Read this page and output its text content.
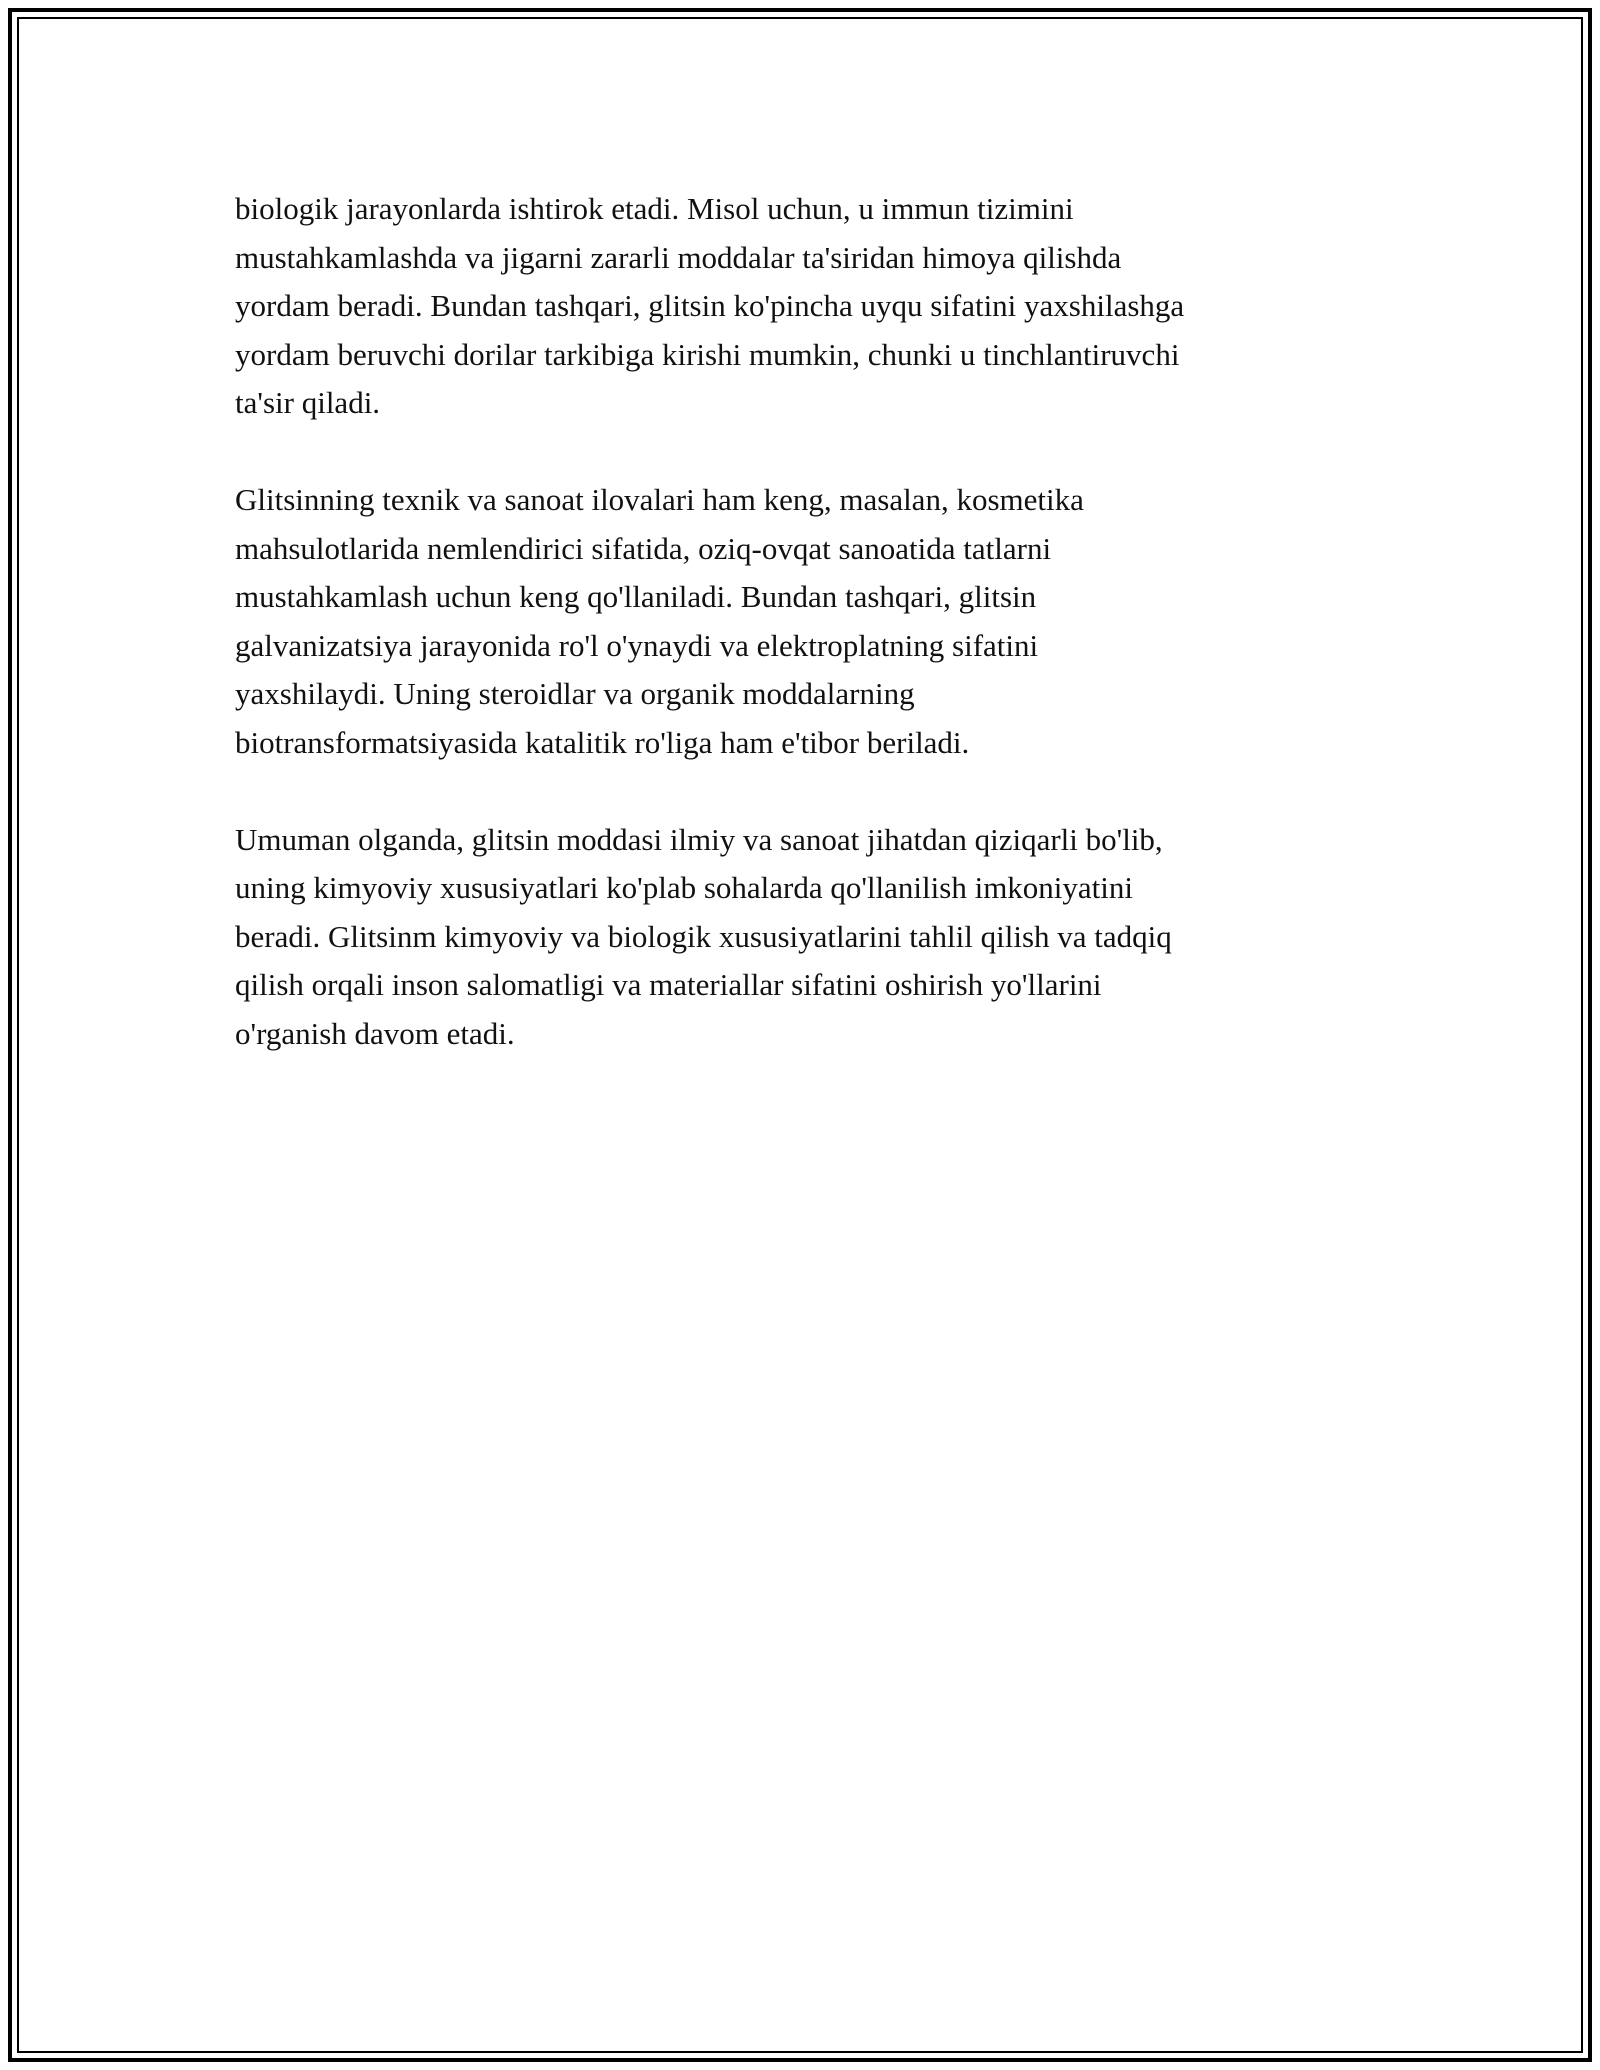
biologik jarayonlarda ishtirok etadi. Misol uchun, u immun tizimini
mustahkamlashda va jigarni zararli moddalar ta'siridan himoya qilishda
yordam beradi. Bundan tashqari, glitsin ko'pincha uyqu sifatini yaxshilashga
yordam beruvchi dorilar tarkibiga kirishi mumkin, chunki u tinchlantiruvchi
ta'sir qiladi.

Glitsinning texnik va sanoat ilovalari ham keng, masalan, kosmetika
mahsulotlarida nemlendirici sifatida, oziq-ovqat sanoatida tatlarni
mustahkamlash uchun keng qo'llaniladi. Bundan tashqari, glitsin
galvanizatsiya jarayonida ro'l o'ynaydi va elektroplatning sifatini
yaxshilaydi. Uning steroidlar va organik moddalarning
biotransformatsiyasida katalitik ro'liga ham e'tibor beriladi.

Umuman olganda, glitsin moddasi ilmiy va sanoat jihatdan qiziqarli bo'lib,
uning kimyoviy xususiyatlari ko'plab sohalarda qo'llanilish imkoniyatini
beradi. Glitsinm kimyoviy va biologik xususiyatlarini tahlil qilish va tadqiq
qilish orqali inson salomatligi va materiallar sifatini oshirish yo'llarini
o'rganish davom etadi.
